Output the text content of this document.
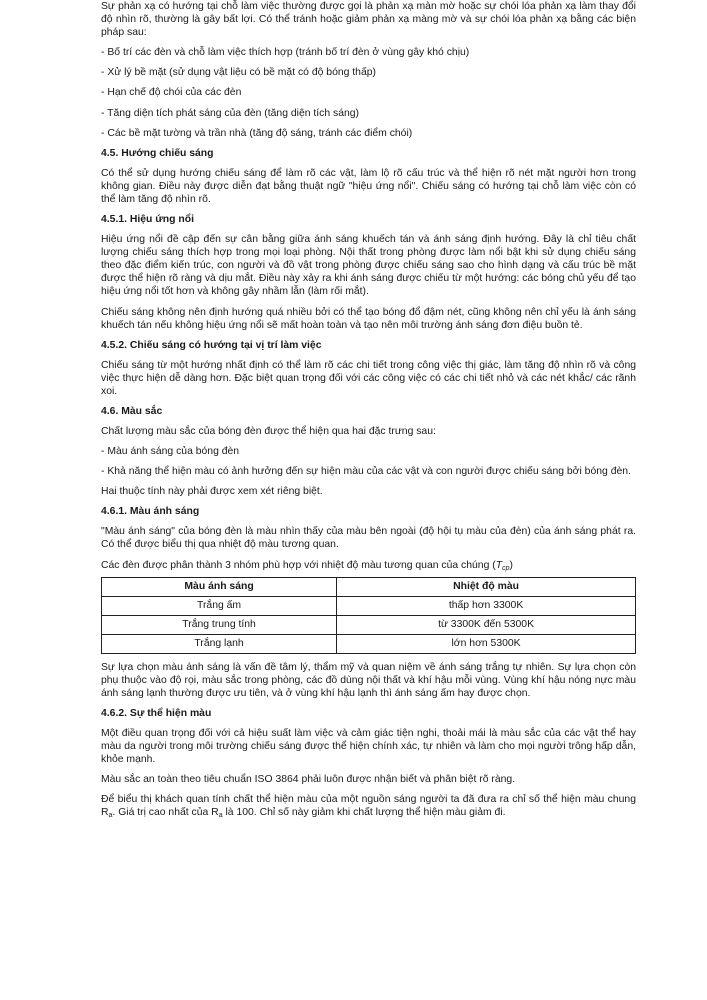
Sự phản xạ có hướng tại chỗ làm việc thường được gọi là phản xạ màn mờ hoặc sự chói lóa phản xạ làm thay đổi độ nhìn rõ, thường là gây bất lợi. Có thể tránh hoặc giảm phản xạ màng mờ và sự chói lóa phản xạ bằng các biện pháp sau:

- Bố trí các đèn và chỗ làm việc thích hợp (tránh bố trí đèn ở vùng gây khó chịu)

- Xử lý bề mặt (sử dụng vật liệu có bề mặt có độ bóng thấp)

- Hạn chế độ chói của các đèn

- Tăng diện tích phát sáng của đèn (tăng diện tích sáng)

- Các bề mặt tường và trần nhà (tăng độ sáng, tránh các điểm chói)

4.5. Hướng chiếu sáng

Có thể sử dụng hướng chiếu sáng để làm rõ các vật, làm lộ rõ cấu trúc và thể hiện rõ nét mặt người hơn trong không gian. Điều này được diễn đạt bằng thuật ngữ "hiệu ứng nổi". Chiếu sáng có hướng tại chỗ làm việc còn có thể làm tăng độ nhìn rõ.

4.5.1. Hiệu ứng nổi

Hiệu ứng nổi đề cập đến sự cân bằng giữa ánh sáng khuếch tán và ánh sáng định hướng. Đây là chỉ tiêu chất lượng chiếu sáng thích hợp trong mọi loại phòng. Nội thất trong phòng được làm nổi bật khi sử dụng chiếu sáng theo đặc điểm kiến trúc, con người và đồ vật trong phòng được chiếu sáng sao cho hình dạng và cấu trúc bề mặt được thể hiện rõ ràng và dịu mắt. Điều này xảy ra khi ánh sáng được chiếu từ một hướng: các bóng chủ yếu để tạo hiệu ứng nổi tốt hơn và không gây nhầm lẫn (làm rối mắt).

Chiếu sáng không nên định hướng quá nhiều bởi có thể tạo bóng đổ đậm nét, cũng không nên chỉ yếu là ánh sáng khuếch tán nếu không hiệu ứng nổi sẽ mất hoàn toàn và tạo nên môi trường ánh sáng đơn điệu buồn tẻ.

4.5.2. Chiếu sáng có hướng tại vị trí làm việc

Chiếu sáng từ một hướng nhất định có thể làm rõ các chi tiết trong công việc thị giác, làm tăng độ nhìn rõ và công việc thực hiện dễ dàng hơn. Đặc biệt quan trọng đối với các công việc có các chi tiết nhỏ và các nét khắc/ các rãnh xoi.

4.6. Màu sắc

Chất lượng màu sắc của bóng đèn được thể hiện qua hai đặc trưng sau:

- Màu ánh sáng của bóng đèn

- Khả năng thể hiện màu có ảnh hưởng đến sự hiện màu của các vật và con người được chiếu sáng bởi bóng đèn.

Hai thuộc tính này phải được xem xét riêng biệt.

4.6.1. Màu ánh sáng

"Màu ánh sáng" của bóng đèn là màu nhìn thấy của màu bên ngoài (độ hội tụ màu của đèn) của ánh sáng phát ra. Có thể được biểu thị qua nhiệt độ màu tương quan.

Các đèn được phân thành 3 nhóm phù hợp với nhiệt độ màu tương quan của chúng $(T_{cp})$

Màu ánh sáng	Nhiệt độ màu
Trắng ấm	thấp hơn 3300K
Trắng trung tính	từ 3300K đến 5300K
Trắng lạnh	lớn hơn 5300K

Sự lựa chọn màu ánh sáng là vấn đề tâm lý, thẩm mỹ và quan niệm về ánh sáng trắng tự nhiên. Sự lựa chọn còn phụ thuộc vào độ rọi, màu sắc trong phòng, các đồ dùng nội thất và khí hậu mỗi vùng. Vùng khí hậu nóng nực màu ánh sáng lạnh thường được ưu tiên, và ở vùng khí hậu lạnh thì ánh sáng ấm hay được chọn.

4.6.2. Sự thể hiện màu

Một điều quan trọng đối với cả hiệu suất làm việc và cảm giác tiện nghi, thoải mái là màu sắc của các vật thể hay màu da người trong môi trường chiếu sáng được thể hiện chính xác, tự nhiên và làm cho mọi người trông hấp dẫn, khỏe mạnh.

Màu sắc an toàn theo tiêu chuẩn ISO 3864 phải luôn được nhận biết và phân biệt rõ ràng.

Để biểu thị khách quan tính chất thể hiện màu của một nguồn sáng người ta đã đưa ra chỉ số thể hiện màu chung $R_a$. Giá trị cao nhất của $R_a$ là 100. Chỉ số này giảm khi chất lượng thể hiện màu giảm đi.
